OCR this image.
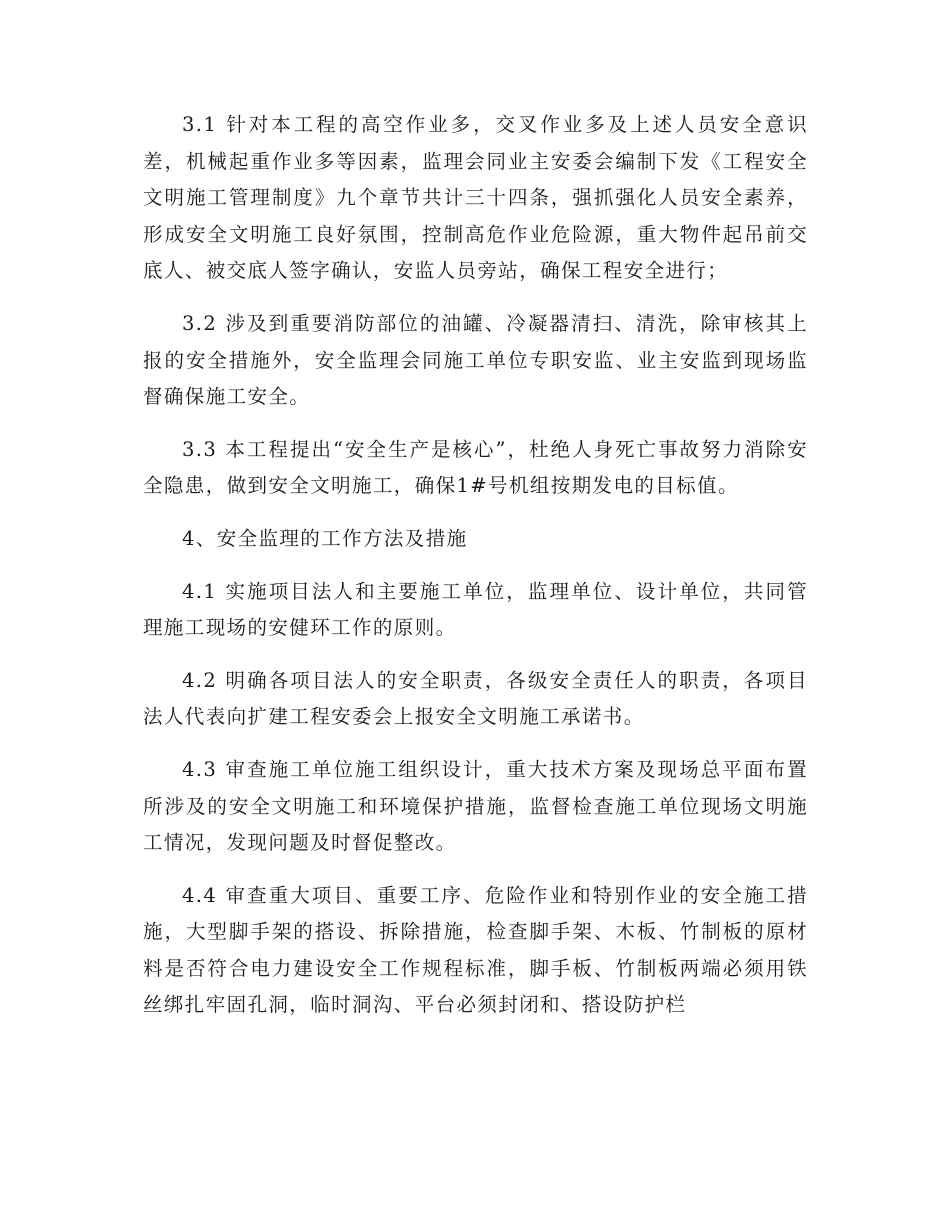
3.1 针对本工程的高空作业多，交叉作业多及上述人员安全意识差，机械起重作业多等因素，监理会同业主安委会编制下发《工程安全文明施工管理制度》九个章节共计三十四条，强抓强化人员安全素养，形成安全文明施工良好氛围，控制高危作业危险源，重大物件起吊前交底人、被交底人签字确认，安监人员旁站，确保工程安全进行；

3.2 涉及到重要消防部位的油罐、冷凝器清扫、清洗，除审核其上报的安全措施外，安全监理会同施工单位专职安监、业主安监到现场监督确保施工安全。

3.3 本工程提出“安全生产是核心”，杜绝人身死亡事故努力消除安全隐患，做到安全文明施工，确保1#号机组按期发电的目标值。

4、安全监理的工作方法及措施

4.1 实施项目法人和主要施工单位，监理单位、设计单位，共同管理施工现场的安健环工作的原则。

4.2 明确各项目法人的安全职责，各级安全责任人的职责，各项目法人代表向扩建工程安委会上报安全文明施工承诺书。

4.3 审查施工单位施工组织设计，重大技术方案及现场总平面布置所涉及的安全文明施工和环境保护措施，监督检查施工单位现场文明施工情况，发现问题及时督促整改。

4.4 审查重大项目、重要工序、危险作业和特别作业的安全施工措施，大型脚手架的搭设、拆除措施，检查脚手架、木板、竹制板的原材料是否符合电力建设安全工作规程标准，脚手板、竹制板两端必须用铁丝绑扎牢固孔洞，临时洞沟、平台必须封闭和、搭设防护栏
